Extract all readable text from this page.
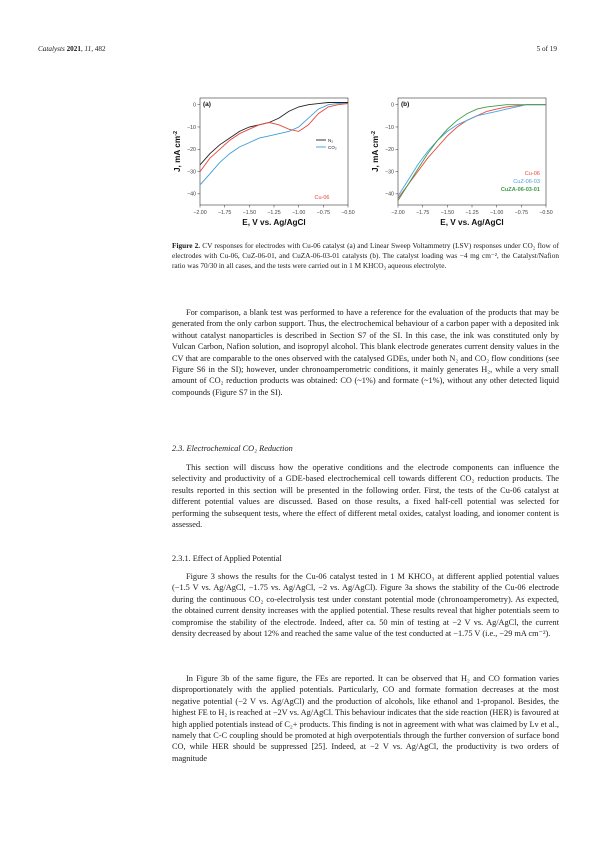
Catalysts 2021, 11, 482	5 of 19
−2.00 −1.75 −1.50 −1.25 −1.00 −0.75 −0.50
0
−10
−20
−30
−40
E, V vs. Ag/AgCl
J, mA $cm^{-2}$
(a)
N₂
CO₂
Cu-06
−2.00 −1.75 −1.50 −1.25 −1.00 −0.75 −0.50
0
−10
−20
−30
−40
E, V vs. Ag/AgCl
J, mA $cm^{-2}$
(b)
Cu-06
CuZ-06-03
CuZA-06-03-01
Figure 2. CV responses for electrodes with Cu-06 catalyst (a) and Linear Sweep Voltammetry (LSV) responses under CO₂ flow of electrodes with Cu-06, CuZ-06-01, and CuZA-06-03-01 catalysts (b). The catalyst loading was −4 mg cm⁻², the Catalyst/Nafion ratio was 70/30 in all cases, and the tests were carried out in 1 M KHCO₃ aqueous electrolyte.

For comparison, a blank test was performed to have a reference for the evaluation of the products that may be generated from the only carbon support. Thus, the electrochemical behaviour of a carbon paper with a deposited ink without catalyst nanoparticles is described in Section S7 of the SI. In this case, the ink was constituted only by Vulcan Carbon, Nafion solution, and isopropyl alcohol. This blank electrode generates current density values in the CV that are comparable to the ones observed with the catalysed GDEs, under both N₂ and CO₂ flow conditions (see Figure S6 in the SI); however, under chronoamperometric conditions, it mainly generates H₂, while a very small amount of CO₂ reduction products was obtained: CO (~1%) and formate (~1%), without any other detected liquid compounds (Figure S7 in the SI).

2.3. Electrochemical CO₂ Reduction

This section will discuss how the operative conditions and the electrode components can influence the selectivity and productivity of a GDE-based electrochemical cell towards different CO₂ reduction products. The results reported in this section will be presented in the following order. First, the tests of the Cu-06 catalyst at different potential values are discussed. Based on those results, a fixed half-cell potential was selected for performing the subsequent tests, where the effect of different metal oxides, catalyst loading, and ionomer content is assessed.

2.3.1. Effect of Applied Potential

Figure 3 shows the results for the Cu-06 catalyst tested in 1 M KHCO₃ at different applied potential values (−1.5 V vs. Ag/AgCl, −1.75 vs. Ag/AgCl, −2 vs. Ag/AgCl). Figure 3a shows the stability of the Cu-06 electrode during the continuous CO₂ co-electrolysis test under constant potential mode (chronoamperometry). As expected, the obtained current density increases with the applied potential. These results reveal that higher potentials seem to compromise the stability of the electrode. Indeed, after ca. 50 min of testing at −2 V vs. Ag/AgCl, the current density decreased by about 12% and reached the same value of the test conducted at −1.75 V (i.e., −29 mA cm⁻²).

In Figure 3b of the same figure, the FEs are reported. It can be observed that H₂ and CO formation varies disproportionately with the applied potentials. Particularly, CO and formate formation decreases at the most negative potential (−2 V vs. Ag/AgCl) and the production of alcohols, like ethanol and 1-propanol. Besides, the highest FE to H₂ is reached at −2V vs. Ag/AgCl. This behaviour indicates that the side reaction (HER) is favoured at high applied potentials instead of C₂+ products. This finding is not in agreement with what was claimed by Lv et al., namely that C-C coupling should be promoted at high overpotentials through the further conversion of surface bond CO, while HER should be suppressed [25]. Indeed, at −2 V vs. Ag/AgCl, the productivity is two orders of magnitude
